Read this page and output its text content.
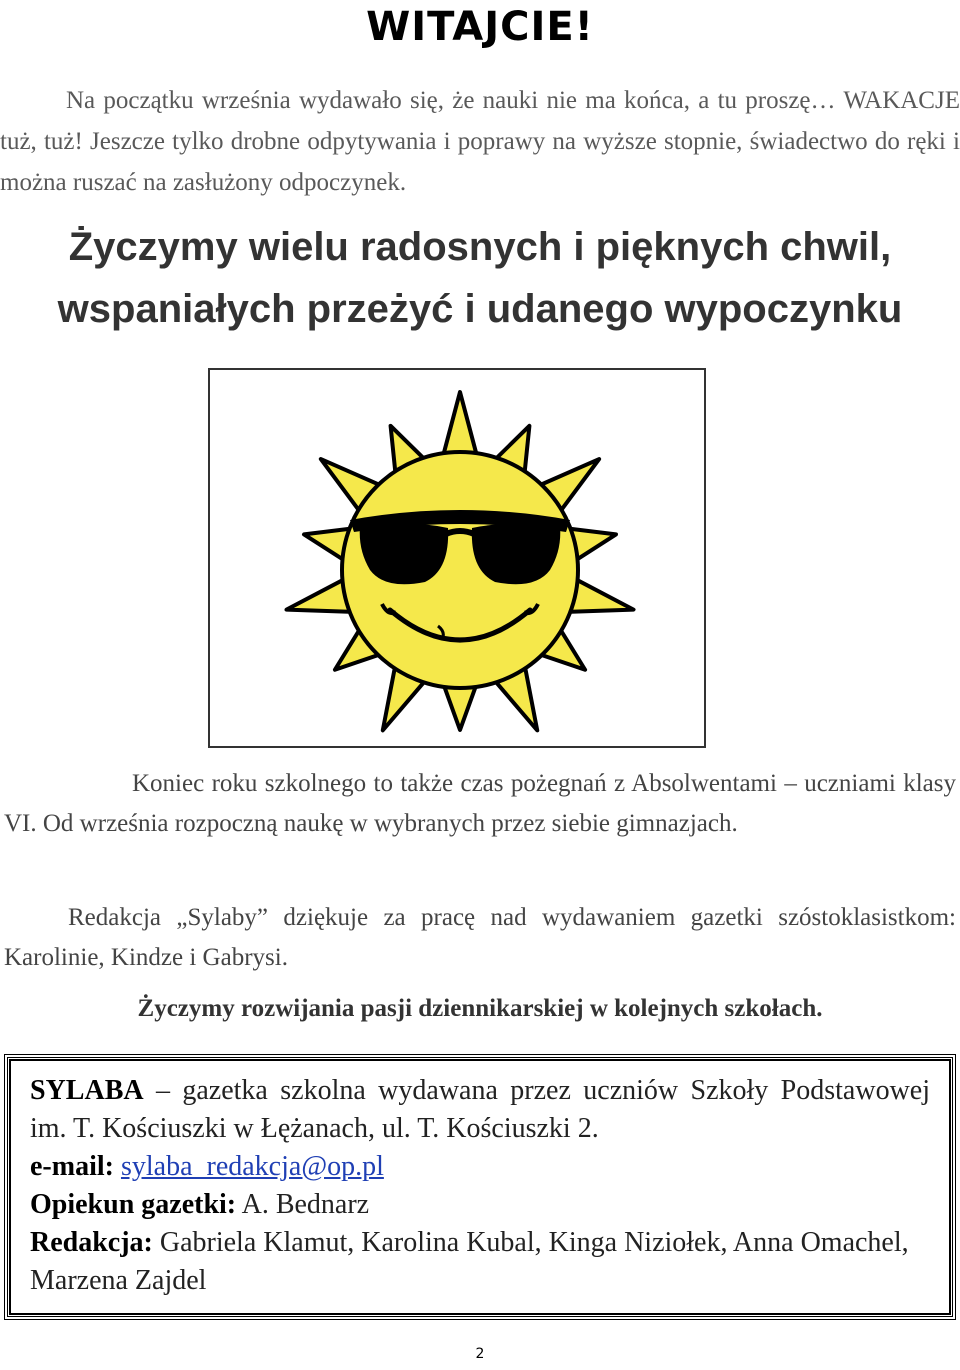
WITAJCIE!

Na początku września wydawało się, że nauki nie ma końca, a tu proszę… WAKACJE tuż, tuż! Jeszcze tylko drobne odpytywania i poprawy na wyższe stopnie, świadectwo do ręki i można ruszać na zasłużony odpoczynek.

Życzymy wielu radosnych i pięknych chwil,
wspaniałych przeżyć i udanego wypoczynku

Koniec roku szkolnego to także czas pożegnań z Absolwentami – uczniami klasy VI. Od września rozpoczną naukę w wybranych przez siebie gimnazjach.

Redakcja „Sylaby” dziękuje za pracę nad wydawaniem gazetki szóstoklasistkom: Karolinie, Kindze i Gabrysi.

Życzymy rozwijania pasji dziennikarskiej w kolejnych szkołach.

SYLABA – gazetka szkolna wydawana przez uczniów Szkoły Podstawowej im. T. Kościuszki w Łężanach, ul. T. Kościuszki 2.

e-mail: sylaba_redakcja@op.pl

Opiekun gazetki: A. Bednarz

Redakcja: Gabriela Klamut, Karolina Kubal, Kinga Niziołek, Anna Omachel, Marzena Zajdel

2
